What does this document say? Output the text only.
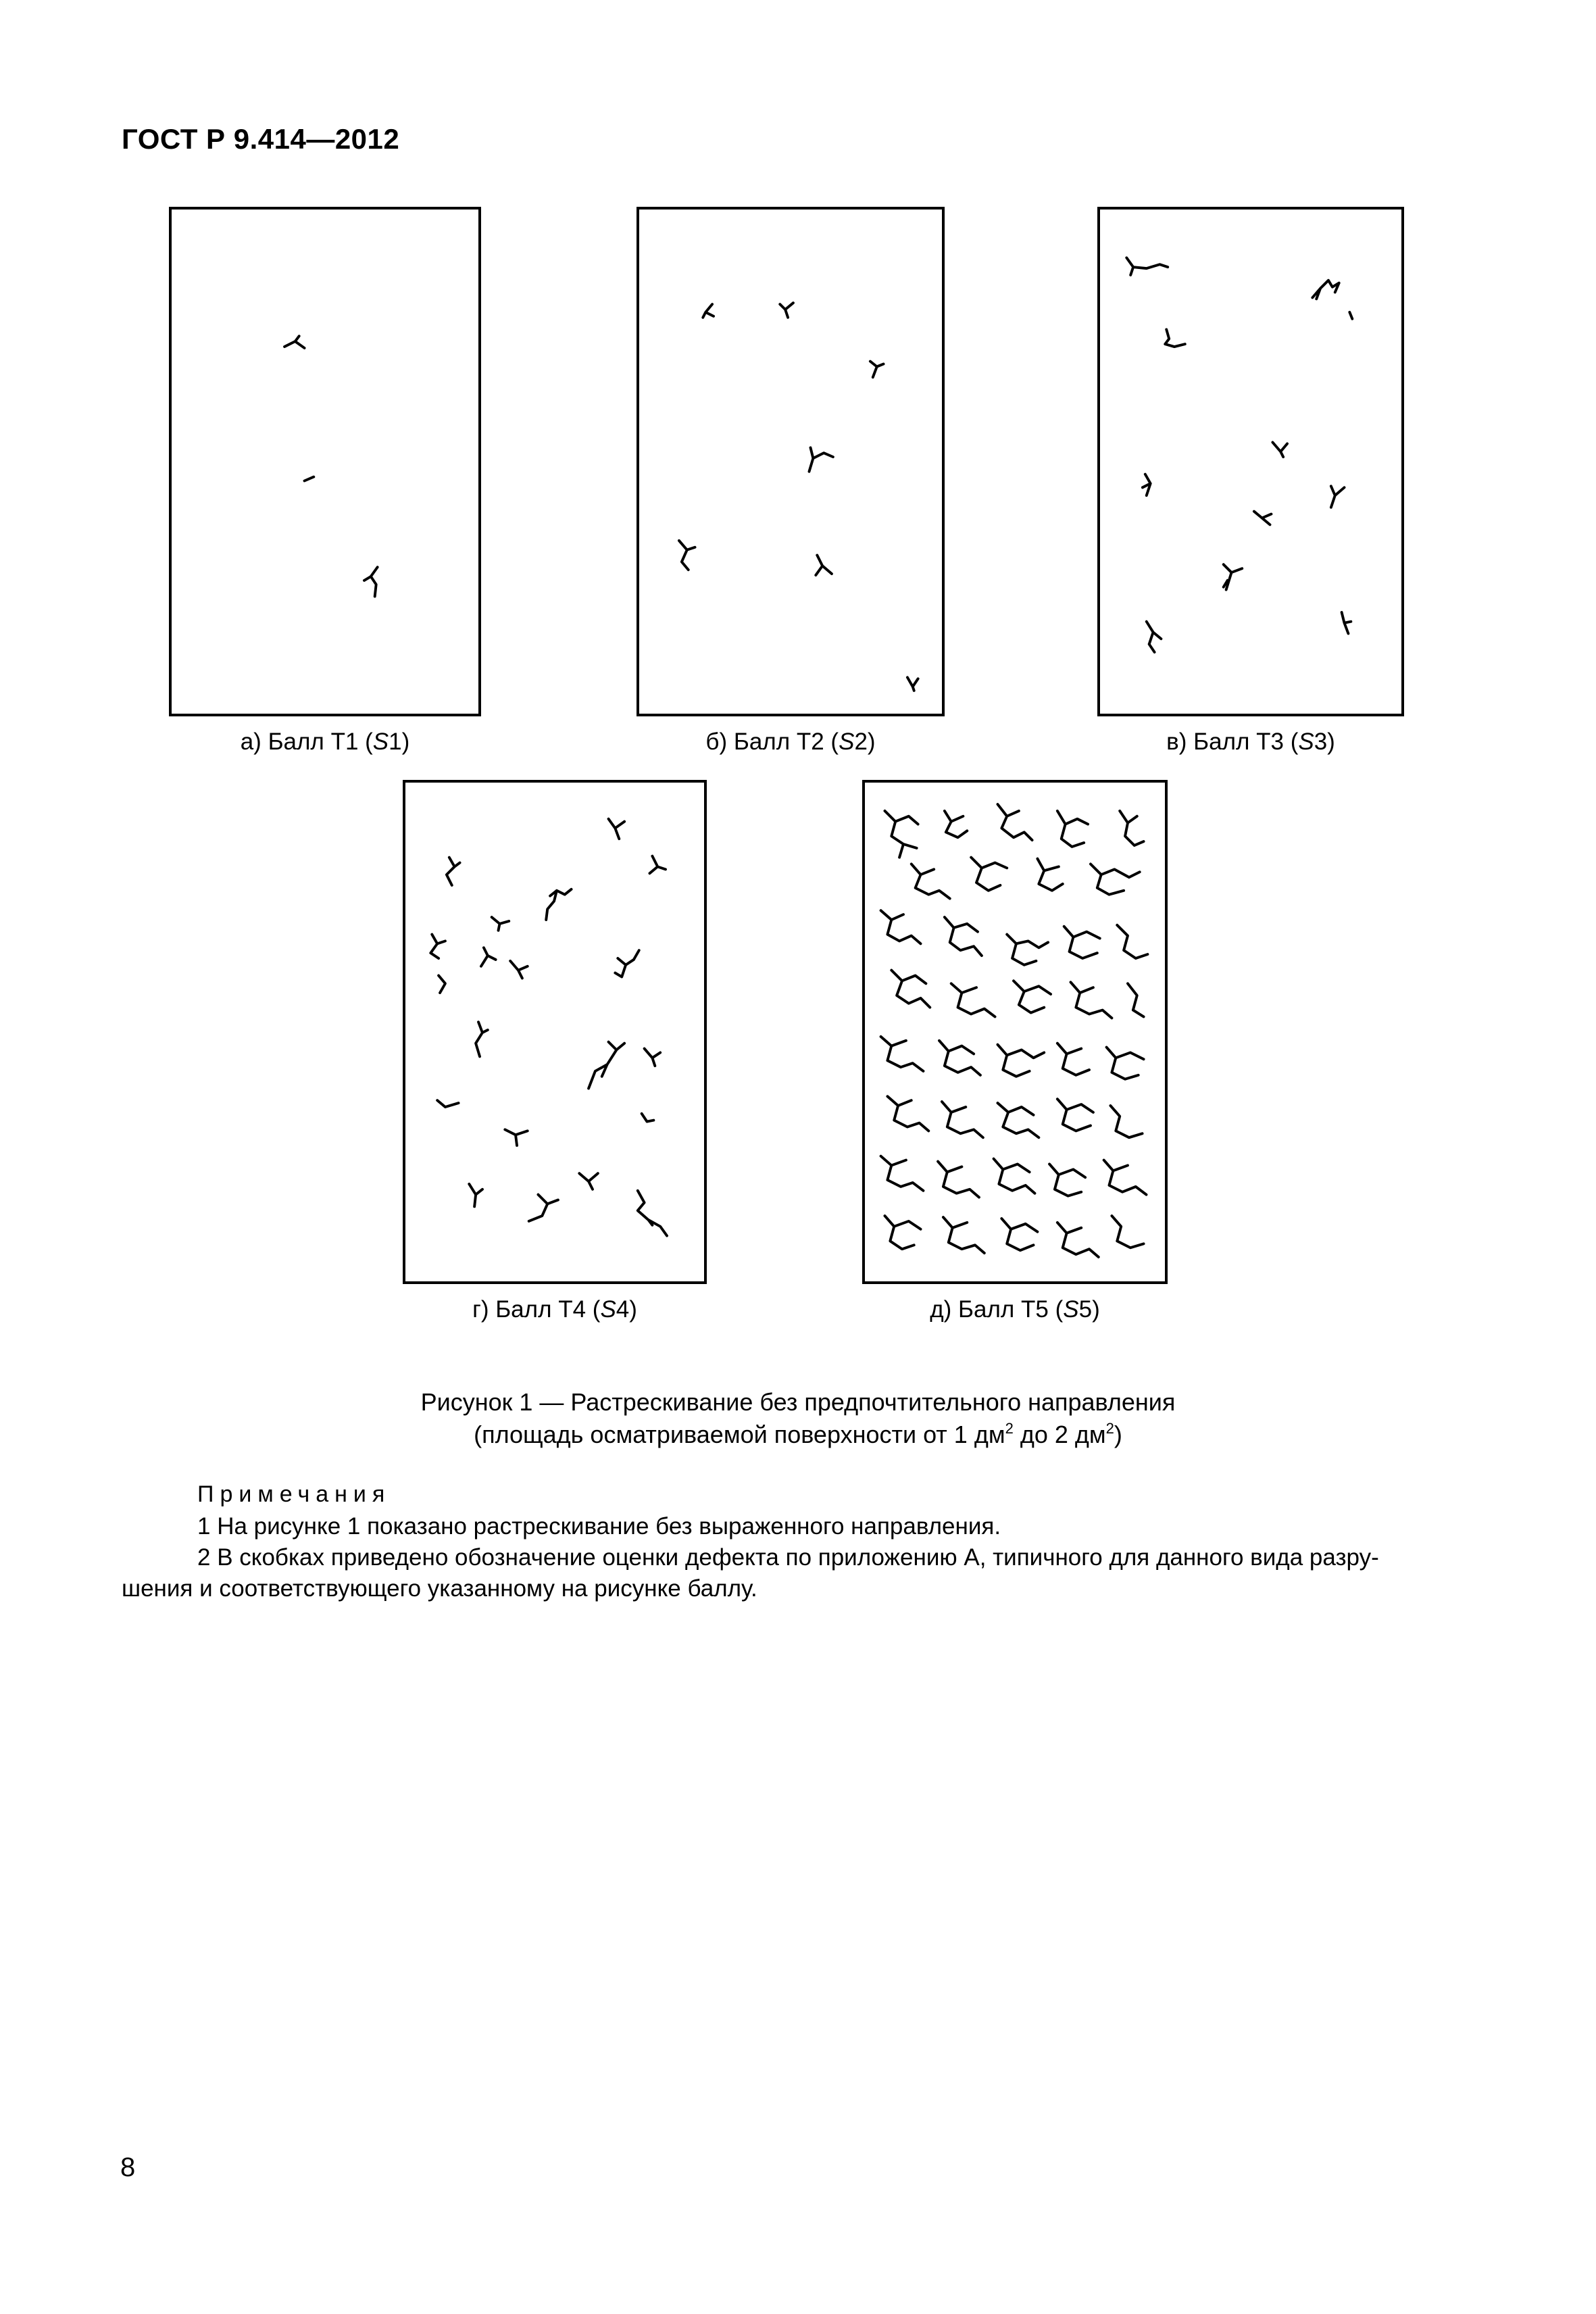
ГОСТ Р 9.414—2012
а) Балл Т1 (S1)	б) Балл Т2 (S2)	в) Балл Т3 (S3)
г) Балл Т4 (S4)	д) Балл Т5 (S5)
Рисунок 1 — Растрескивание без предпочтительного направления
(площадь осматриваемой поверхности от 1 $дм^2$ до 2 $дм^2$)
Примечания
1 На рисунке 1 показано растрескивание без выраженного направления.
2 В скобках приведено обозначение оценки дефекта по приложению А, типичного для данного вида разру-
шения и соответствующего указанному на рисунке баллу.
8
